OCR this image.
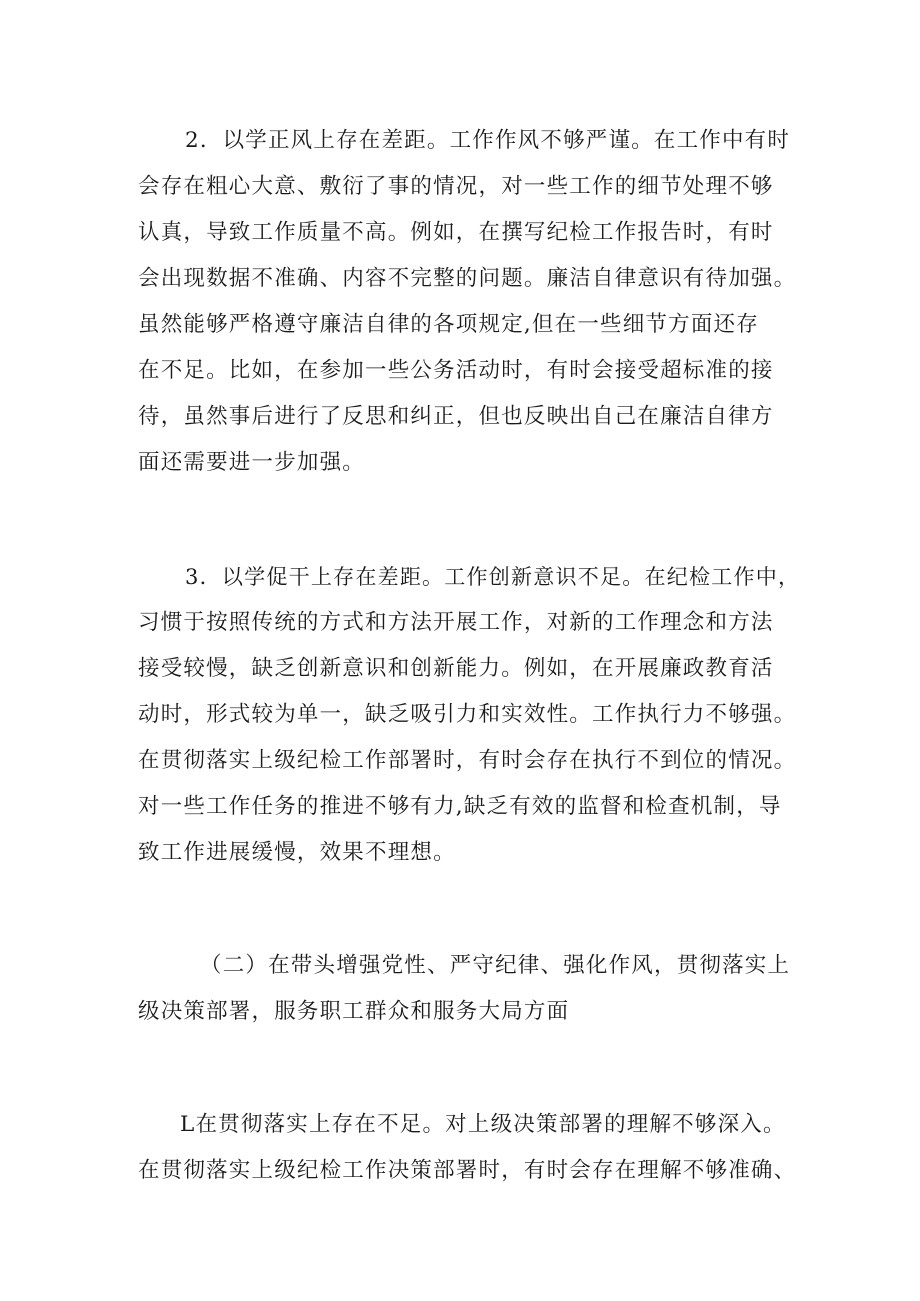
2．以学正风上存在差距。工作作风不够严谨。在工作中有时
会存在粗心大意、敷衍了事的情况，对一些工作的细节处理不够
认真，导致工作质量不高。例如，在撰写纪检工作报告时，有时
会出现数据不准确、内容不完整的问题。廉洁自律意识有待加强。
虽然能够严格遵守廉洁自律的各项规定,但在一些细节方面还存
在不足。比如，在参加一些公务活动时，有时会接受超标准的接
待，虽然事后进行了反思和纠正，但也反映出自己在廉洁自律方
面还需要进一步加强。
3．以学促干上存在差距。工作创新意识不足。在纪检工作中，
习惯于按照传统的方式和方法开展工作，对新的工作理念和方法
接受较慢，缺乏创新意识和创新能力。例如，在开展廉政教育活
动时，形式较为单一，缺乏吸引力和实效性。工作执行力不够强。
在贯彻落实上级纪检工作部署时，有时会存在执行不到位的情况。
对一些工作任务的推进不够有力,缺乏有效的监督和检查机制，导
致工作进展缓慢，效果不理想。
（二）在带头增强党性、严守纪律、强化作风，贯彻落实上
级决策部署，服务职工群众和服务大局方面
L在贯彻落实上存在不足。对上级决策部署的理解不够深入。
在贯彻落实上级纪检工作决策部署时，有时会存在理解不够准确、
